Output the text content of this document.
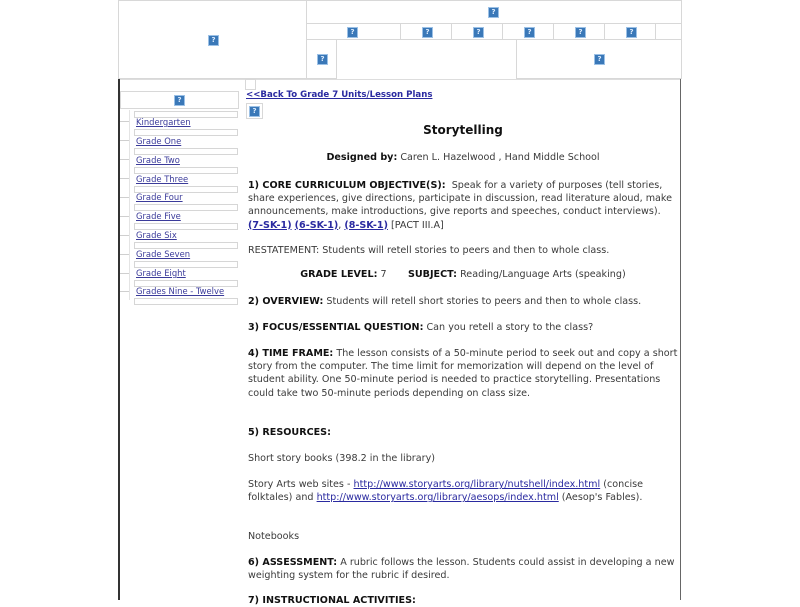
?
?
?	?	?	?	?	?
?	?
?
Kindergarten
Grade One
Grade Two
Grade Three
Grade Four
Grade Five
Grade Six
Grade Seven
Grade Eight
Grades Nine - Twelve
<<Back To Grade 7 Units/Lesson Plans
?
Storytelling
Designed by: Caren L. Hazelwood , Hand Middle School

1) CORE CURRICULUM OBJECTIVE(S): Speak for a variety of purposes (tell stories, share experiences, give directions, participate in discussion, read literature aloud, make announcements, make introductions, give reports and speeches, conduct interviews).  (7-SK-1) (6-SK-1), (8-SK-1) [PACT III.A]

RESTATEMENT: Students will retell stories to peers and then to whole class.
GRADE LEVEL: 7 SUBJECT: Reading/Language Arts (speaking)
2) OVERVIEW: Students will retell short stories to peers and then to whole class.
3) FOCUS/ESSENTIAL QUESTION: Can you retell a story to the class?
4) TIME FRAME: The lesson consists of a 50-minute period to seek out and copy a short story from the computer. The time limit for memorization will depend on the level of student ability. One 50-minute period is needed to practice storytelling. Presentations could take two 50-minute periods depending on class size.
5) RESOURCES:
Short story books (398.2 in the library)
Story Arts web sites - http://www.storyarts.org/library/nutshell/index.html (concise folktales) and http://www.storyarts.org/library/aesops/index.html (Aesop's Fables).
Notebooks
6) ASSESSMENT: A rubric follows the lesson. Students could assist in developing a new weighting system for the rubric if desired.
7) INSTRUCTIONAL ACTIVITIES:
